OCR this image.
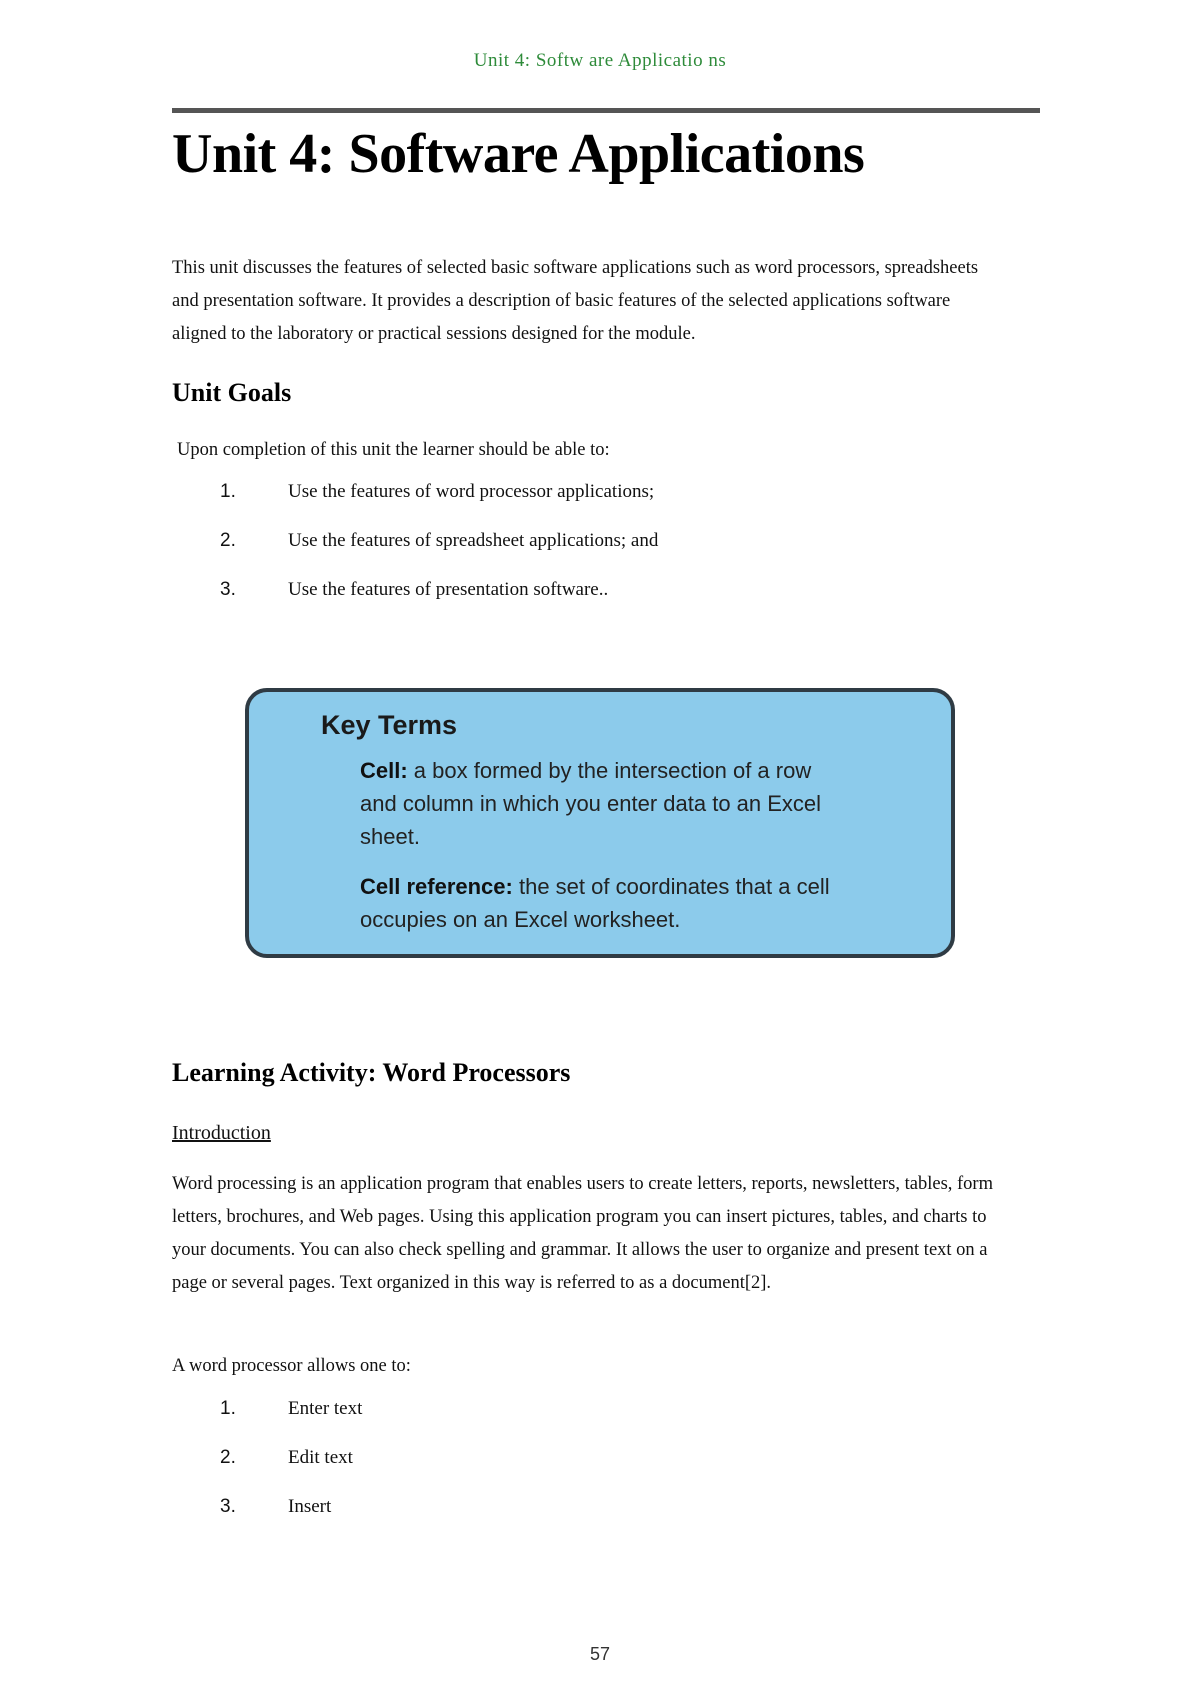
Unit 4: Softw are Applicatio ns
Unit 4: Software Applications

This unit discusses the features of selected basic software applications such as word processors, spreadsheets and presentation software. It provides a description of basic features of the selected applications software aligned to the laboratory or practical sessions designed for the module.

Unit Goals

Upon completion of this unit the learner should be able to:

1.	Use the features of word processor applications;
2.	Use the features of spreadsheet applications; and
3.	Use the features of presentation software..
Key Terms

Cell: a box formed by the intersection of a row and column in which you enter data to an Excel sheet.

Cell reference: the set of coordinates that a cell occupies on an Excel worksheet.

Learning Activity: Word Processors

Introduction

Word processing is an application program that enables users to create letters, reports, newsletters, tables, form letters, brochures, and Web pages. Using this application program you can insert pictures, tables, and charts to your documents. You can also check spelling and grammar. It allows the user to organize and present text on a page or several pages. Text organized in this way is referred to as a document[2].

A word processor allows one to:

1.	Enter text
2.	Edit text
3.	Insert
57
